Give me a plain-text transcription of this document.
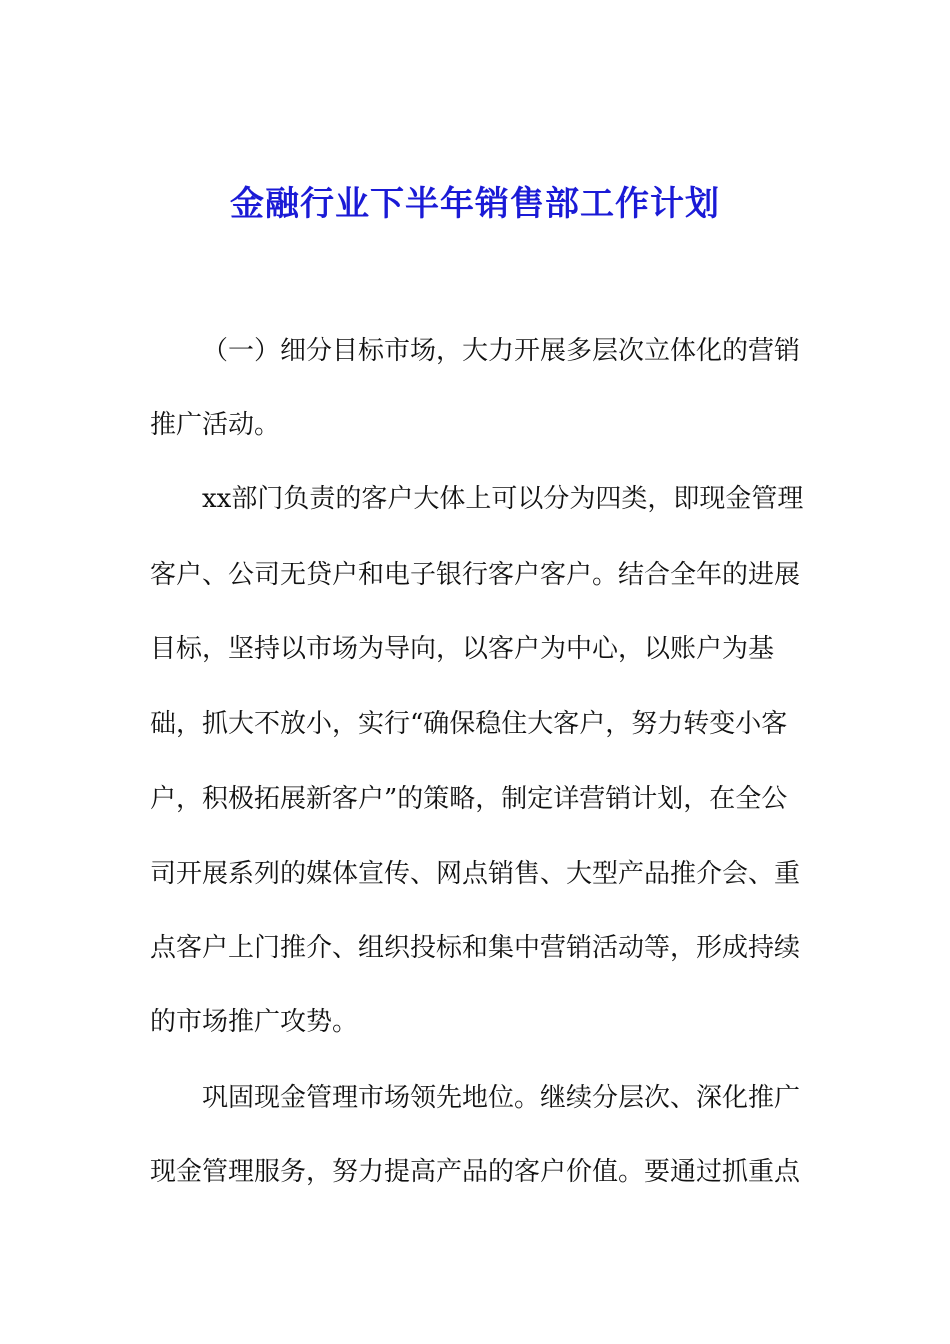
金融行业下半年销售部工作计划

（一）细分目标市场，大力开展多层次立体化的营销

推广活动。

xx部门负责的客户大体上可以分为四类，即现金管理

客户、公司无贷户和电子银行客户客户。结合全年的进展

目标，坚持以市场为导向，以客户为中心，以账户为基

础，抓大不放小，实行“确保稳住大客户，努力转变小客

户，积极拓展新客户”的策略，制定详营销计划，在全公

司开展系列的媒体宣传、网点销售、大型产品推介会、重

点客户上门推介、组织投标和集中营销活动等，形成持续

的市场推广攻势。

巩固现金管理市场领先地位。继续分层次、深化推广

现金管理服务，努力提高产品的客户价值。要通过抓重点
